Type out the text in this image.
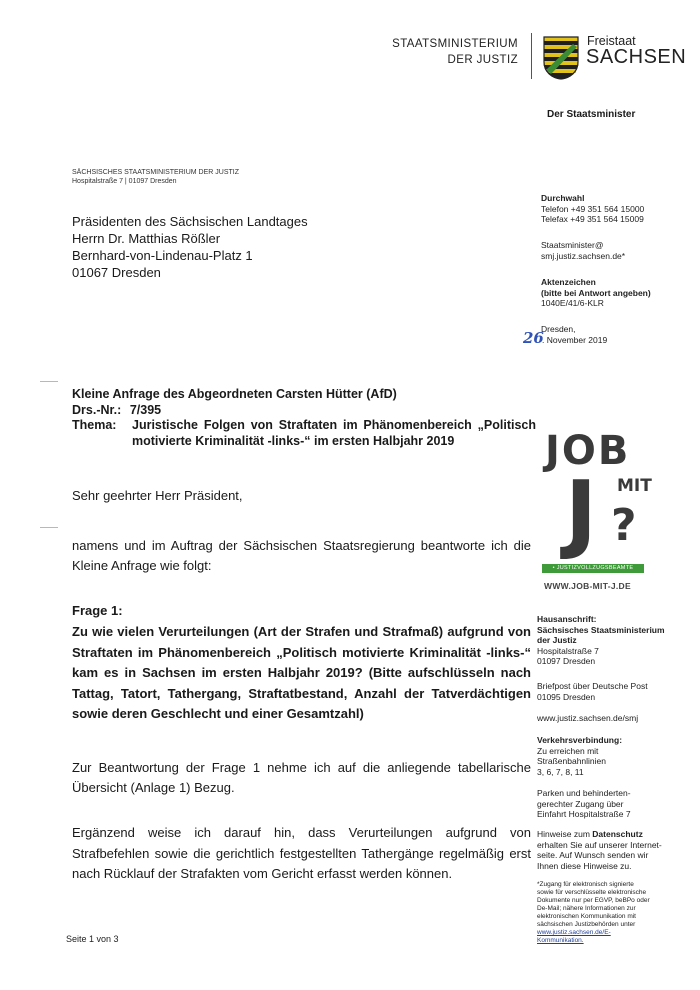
STAATSMINISTERIUM
DER JUSTIZ
Freistaat
SACHSEN
Der Staatsminister
SÄCHSISCHES STAATSMINISTERIUM DER JUSTIZ
Hospitalstraße 7 | 01097 Dresden
Präsidenten des Sächsischen Landtages
Herrn Dr. Matthias Rößler
Bernhard-von-Lindenau-Platz 1
01067 Dresden
Durchwahl
Telefon +49 351 564 15000
Telefax +49 351 564 15009
Staatsminister@
smj.justiz.sachsen.de*
Aktenzeichen
(bitte bei Antwort angeben)
1040E/41/6-KLR
Dresden,
26
. November 2019
Kleine Anfrage des Abgeordneten Carsten Hütter (AfD)
Drs.-Nr.: 7/395
Thema:	Juristische Folgen von Straftaten im Phänomenbereich „Politisch motivierte Kriminalität -links-“ im ersten Halbjahr 2019
Sehr geehrter Herr Präsident,
namens und im Auftrag der Sächsischen Staatsregierung beantworte ich die Kleine Anfrage wie folgt:
Frage 1:
Zu wie vielen Verurteilungen (Art der Strafen und Strafmaß) aufgrund von Straftaten im Phänomenbereich „Politisch motivierte Kriminalität -links-“ kam es in Sachsen im ersten Halbjahr 2019? (Bitte aufschlüsseln nach Tattag, Tatort, Tathergang, Straftatbestand, Anzahl der Tatverdächtigen sowie deren Geschlecht und einer Gesamtzahl)
Zur Beantwortung der Frage 1 nehme ich auf die anliegende tabellarische Übersicht (Anlage 1) Bezug.
Ergänzend weise ich darauf hin, dass Verurteilungen aufgrund von Strafbefehlen sowie die gerichtlich festgestellten Tathergänge regelmäßig erst nach Rücklauf der Strafakten vom Gericht erfasst werden können.
JOB
MIT
J ?
• JUSTIZVOLLZUGSBEAMTE
WWW.JOB-MIT-J.DE
Hausanschrift:
Sächsisches Staatsministerium
der Justiz
Hospitalstraße 7
01097 Dresden
Briefpost über Deutsche Post
01095 Dresden
www.justiz.sachsen.de/smj
Verkehrsverbindung:
Zu erreichen mit
Straßenbahnlinien
3, 6, 7, 8, 11
Parken und behinderten-
gerechter Zugang über
Einfahrt Hospitalstraße 7
Hinweise zum Datenschutz
erhalten Sie auf unserer Internet-
seite. Auf Wunsch senden wir
Ihnen diese Hinweise zu.
*Zugang für elektronisch signierte
sowie für verschlüsselte elektronische
Dokumente nur per EGVP, beBPo oder
De-Mail; nähere Informationen zur
elektronischen Kommunikation mit
sächsischen Justizbehörden unter
www.justiz.sachsen.de/E-
Kommunikation.
Seite 1 von 3
